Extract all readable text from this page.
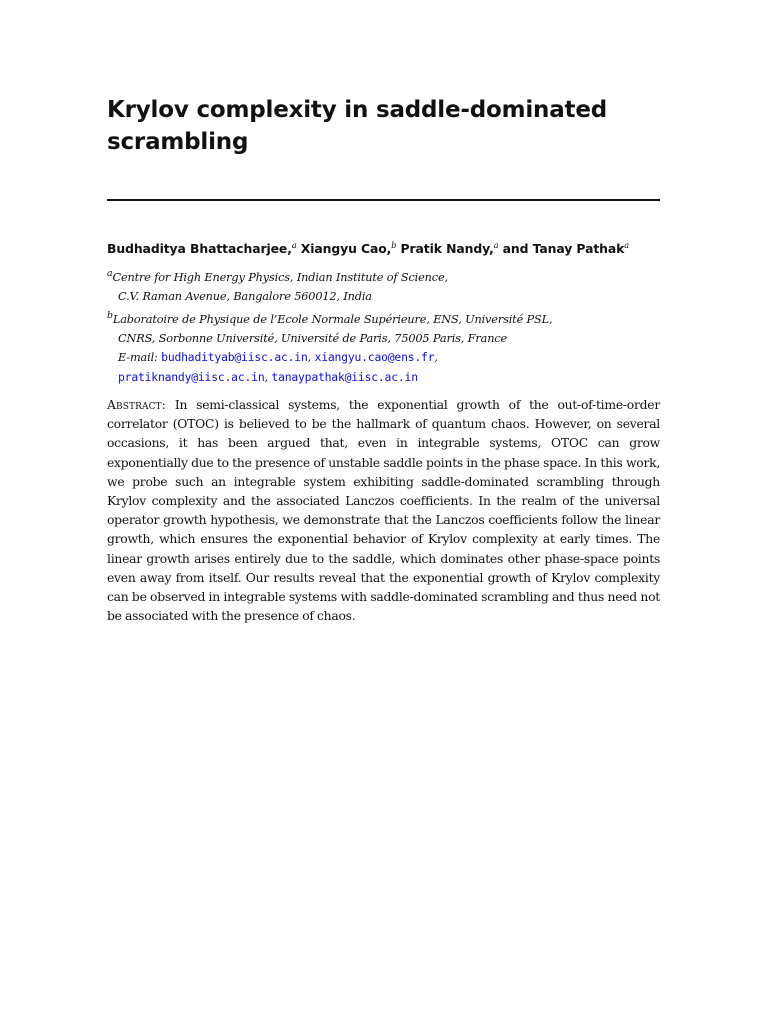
Krylov complexity in saddle-dominated scrambling
Budhaditya Bhattacharjee,$^a$ Xiangyu Cao,$^b$ Pratik Nandy,$^a$ and Tanay Pathak$^a$
$^a$Centre for High Energy Physics, Indian Institute of Science,
C.V. Raman Avenue, Bangalore 560012, India
$^b$Laboratoire de Physique de l’Ecole Normale Supérieure, ENS, Université PSL,
CNRS, Sorbonne Université, Université de Paris, 75005 Paris, France
E-mail: budhadityab@iisc.ac.in, xiangyu.cao@ens.fr,
pratiknandy@iisc.ac.in, tanaypathak@iisc.ac.in
Abstract: In semi-classical systems, the exponential growth of the out-of-time-order correlator (OTOC) is believed to be the hallmark of quantum chaos. However, on several occasions, it has been argued that, even in integrable systems, OTOC can grow exponentially due to the presence of unstable saddle points in the phase space. In this work, we probe such an integrable system exhibiting saddle-dominated scrambling through Krylov complexity and the associated Lanczos coefficients. In the realm of the universal operator growth hypothesis, we demonstrate that the Lanczos coefficients follow the linear growth, which ensures the exponential behavior of Krylov complexity at early times. The linear growth arises entirely due to the saddle, which dominates other phase-space points even away from itself. Our results reveal that the exponential growth of Krylov complexity can be observed in integrable systems with saddle-dominated scrambling and thus need not be associated with the presence of chaos.
